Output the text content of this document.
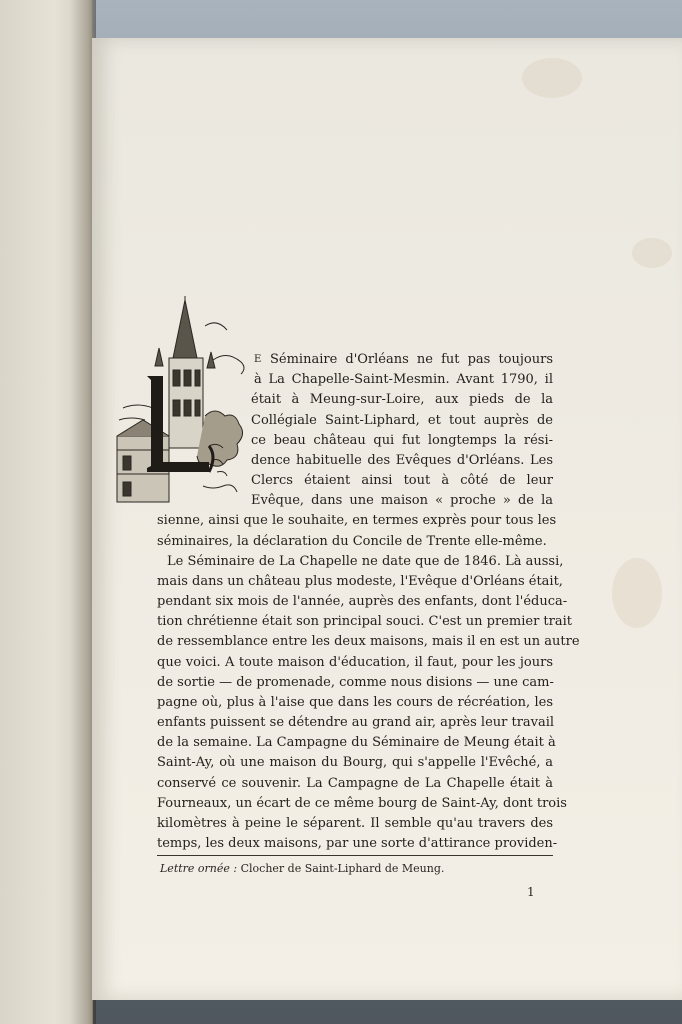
E Séminaire d'Orléans ne fut pas toujours

à La Chapelle-Saint-Mesmin. Avant 1790, il

était à Meung-sur-Loire, aux pieds de la

Collégiale Saint-Liphard, et tout auprès de

ce beau château qui fut longtemps la rési-

dence habituelle des Evêques d'Orléans. Les

Clercs étaient ainsi tout à côté de leur

Evêque, dans une maison « proche » de la

sienne, ainsi que le souhaite, en termes exprès pour tous les

séminaires, la déclaration du Concile de Trente elle-même.

Le Séminaire de La Chapelle ne date que de 1846. Là aussi,

mais dans un château plus modeste, l'Evêque d'Orléans était,

pendant six mois de l'année, auprès des enfants, dont l'éduca-

tion chrétienne était son principal souci. C'est un premier trait

de ressemblance entre les deux maisons, mais il en est un autre

que voici. A toute maison d'éducation, il faut, pour les jours

de sortie — de promenade, comme nous disions — une cam-

pagne où, plus à l'aise que dans les cours de récréation, les

enfants puissent se détendre au grand air, après leur travail

de la semaine. La Campagne du Séminaire de Meung était à

Saint-Ay, où une maison du Bourg, qui s'appelle l'Evêché, a

conservé ce souvenir. La Campagne de La Chapelle était à

Fourneaux, un écart de ce même bourg de Saint-Ay, dont trois

Lettre ornée : Clocher de Saint-Liphard de Meung.
1

kilomètres à peine le séparent. Il semble qu'au travers des

temps, les deux maisons, par une sorte d'attirance providen-
